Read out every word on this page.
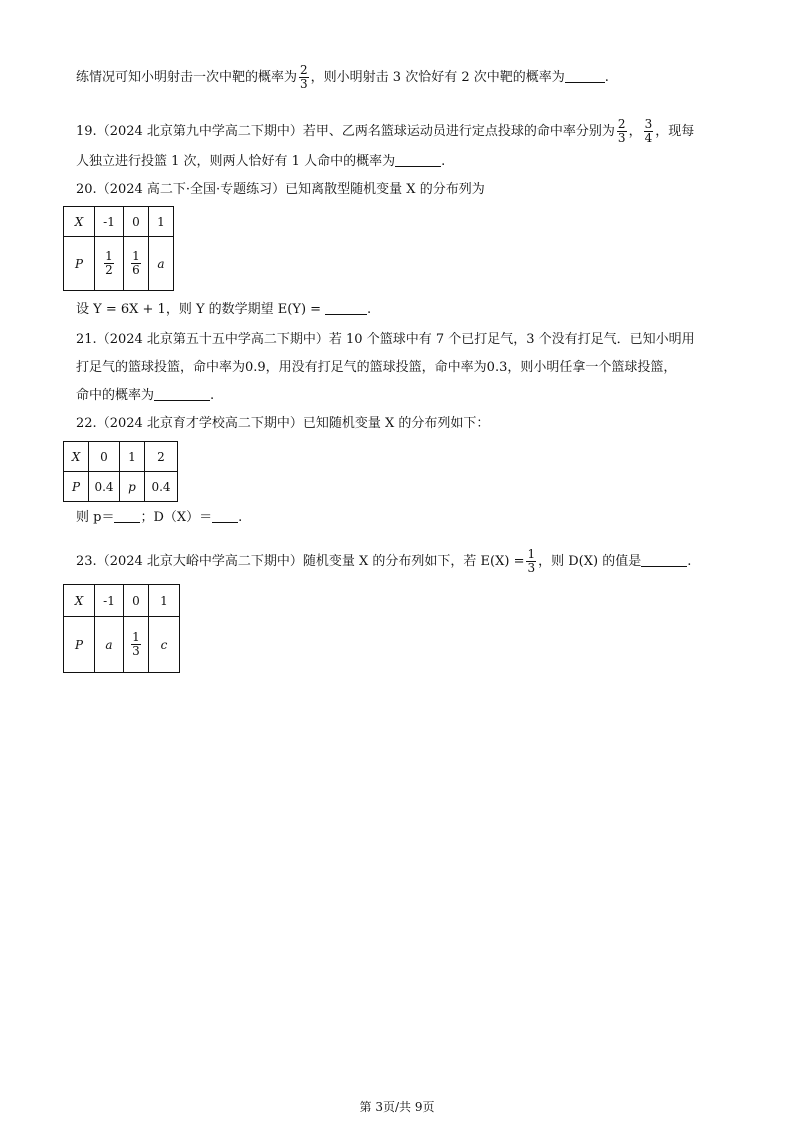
练情况可知小明射击一次中靶的概率为 $\frac{2}{3}$ ，则小明射击 3 次恰好有 2 次中靶的概率为	.
19.（2024 北京第九中学高二下期中）若甲、乙两名篮球运动员进行定点投球的命中率分别为 $\frac{2}{3}$ ， $\frac{3}{4}$ ，现每
人独立进行投篮 1 次，则两人恰好有 1 人命中的概率为	.
20.（2024 高二下·全国·专题练习）已知离散型随机变量 X 的分布列为
X	-1	0	1
P	$\frac{1}{2}$	$\frac{1}{6}$	a
设 Y = 6X + 1，则 Y 的数学期望 E(Y) =	.
21.（2024 北京第五十五中学高二下期中）若 10 个篮球中有 7 个已打足气，3 个没有打足气．已知小明用
打足气的篮球投篮，命中率为0.9，用没有打足气的篮球投篮，命中率为0.3，则小明任拿一个篮球投篮，
命中的概率为	.
22.（2024 北京育才学校高二下期中）已知随机变量 X 的分布列如下：
X	0	1	2
P	0.4	p	0.4
则 p＝ ；D（X）＝ .
23.（2024 北京大峪中学高二下期中）随机变量 X 的分布列如下，若 $E(X) = \frac{1}{3}$ ，则 D(X) 的值是	.
X	-1	0	1
P	a	$\frac{1}{3}$	c
第 3页/共 9页
